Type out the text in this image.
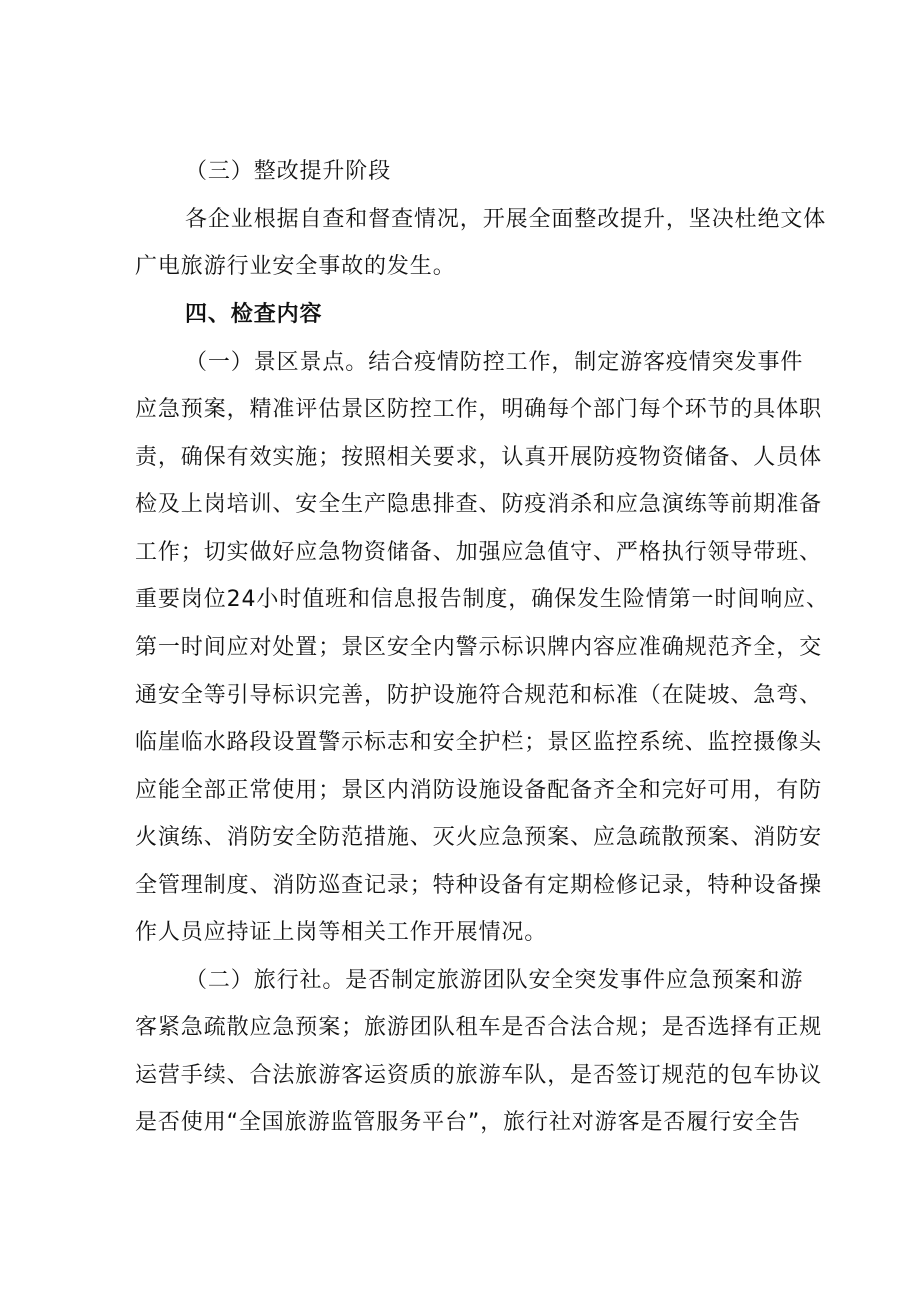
（三）整改提升阶段
各企业根据自查和督查情况，开展全面整改提升，坚决杜绝文体
广电旅游行业安全事故的发生。
四、检查内容
（一）景区景点。结合疫情防控工作，制定游客疫情突发事件
应急预案，精准评估景区防控工作，明确每个部门每个环节的具体职
责，确保有效实施；按照相关要求，认真开展防疫物资储备、人员体
检及上岗培训、安全生产隐患排查、防疫消杀和应急演练等前期准备
工作；切实做好应急物资储备、加强应急值守、严格执行领导带班、
重要岗位24小时值班和信息报告制度，确保发生险情第一时间响应、
第一时间应对处置；景区安全内警示标识牌内容应准确规范齐全，交
通安全等引导标识完善，防护设施符合规范和标准（在陡坡、急弯、
临崖临水路段设置警示标志和安全护栏；景区监控系统、监控摄像头
应能全部正常使用；景区内消防设施设备配备齐全和完好可用，有防
火演练、消防安全防范措施、灭火应急预案、应急疏散预案、消防安
全管理制度、消防巡查记录；特种设备有定期检修记录，特种设备操
作人员应持证上岗等相关工作开展情况。
（二）旅行社。是否制定旅游团队安全突发事件应急预案和游
客紧急疏散应急预案；旅游团队租车是否合法合规；是否选择有正规
运营手续、合法旅游客运资质的旅游车队，是否签订规范的包车协议
是否使用“全国旅游监管服务平台”，旅行社对游客是否履行安全告
